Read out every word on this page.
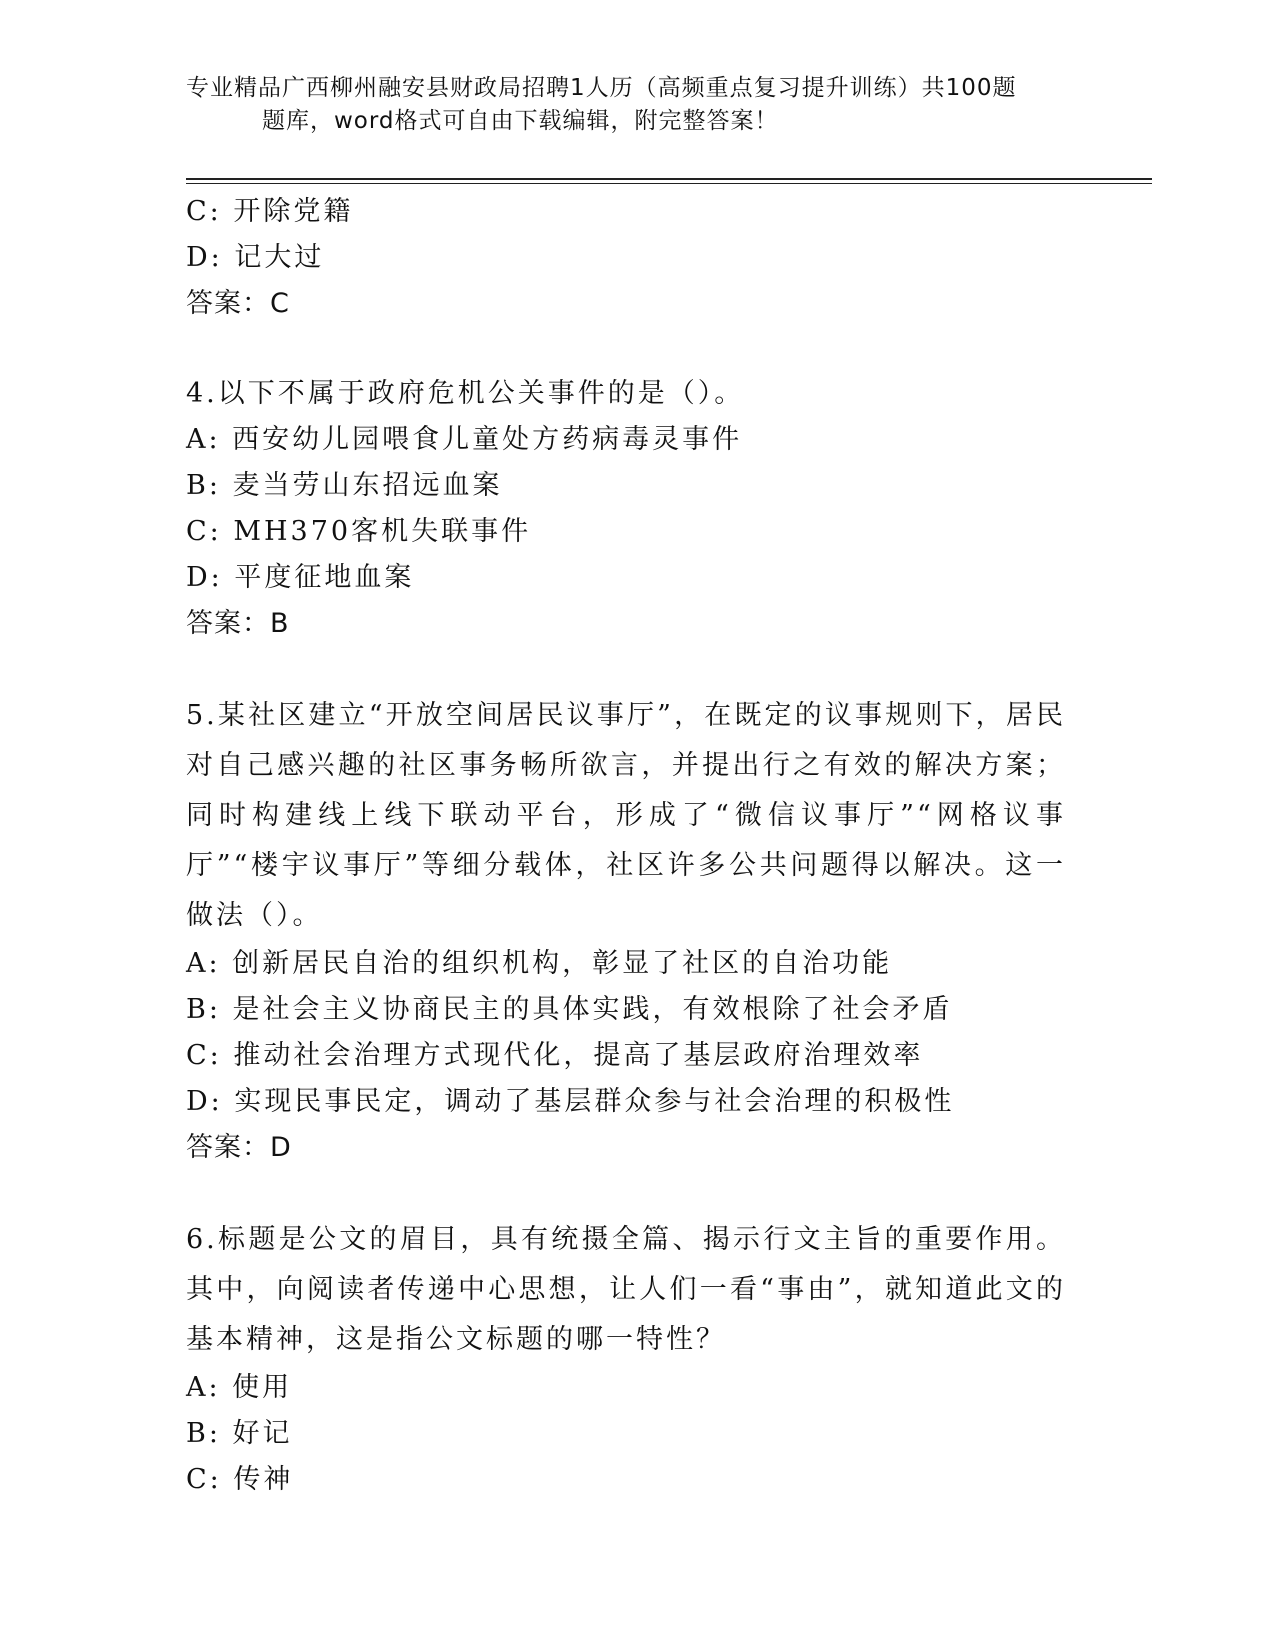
专业精品广西柳州融安县财政局招聘1人历（高频重点复习提升训练）共100题
题库，word格式可自由下载编辑，附完整答案！
C: 开除党籍
D: 记大过
答案：C
4.以下不属于政府危机公关事件的是（）。
A: 西安幼儿园喂食儿童处方药病毒灵事件
B: 麦当劳山东招远血案
C: MH370客机失联事件
D: 平度征地血案
答案：B

5.某社区建立“开放空间居民议事厅”，在既定的议事规则下，居民对自己感兴趣的社区事务畅所欲言，并提出行之有效的解决方案；同时构建线上线下联动平台，形成了“微信议事厅”“网格议事厅”“楼宇议事厅”等细分载体，社区许多公共问题得以解决。这一做法（）。

A: 创新居民自治的组织机构，彰显了社区的自治功能
B: 是社会主义协商民主的具体实践，有效根除了社会矛盾
C: 推动社会治理方式现代化，提高了基层政府治理效率
D: 实现民事民定，调动了基层群众参与社会治理的积极性
答案：D

6.标题是公文的眉目，具有统摄全篇、揭示行文主旨的重要作用。其中，向阅读者传递中心思想，让人们一看“事由”，就知道此文的基本精神，这是指公文标题的哪一特性？

A: 使用
B: 好记
C: 传神
